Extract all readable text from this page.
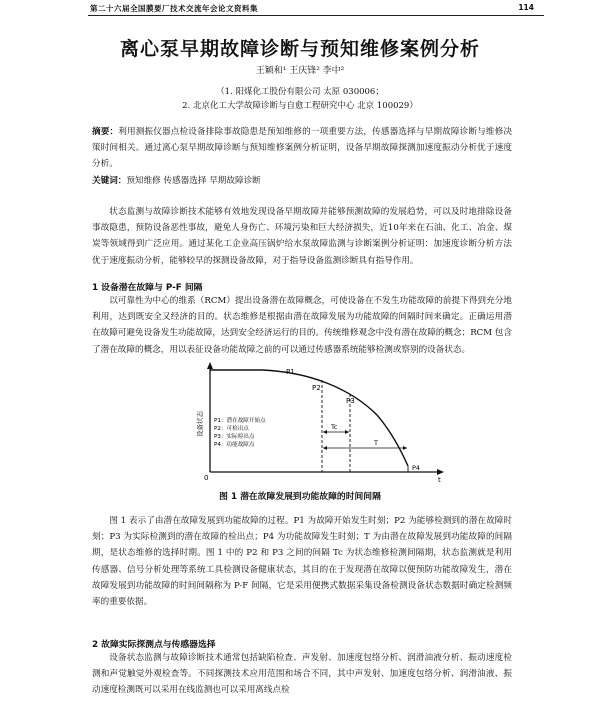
第二十六届全国膜要厂技术交流年会论文资料集	114
离心泵早期故障诊断与预知维修案例分析
王颖和¹ 王庆锋² 李中²
（1. 阳煤化工股份有限公司 太原 030006；
2. 北京化工大学故障诊断与自愈工程研究中心 北京 100029）

摘要：利用测振仪器点检设备排除事故隐患是预知维修的一项重要方法，传感器选择与早期故障诊断与维修决策时间相关。通过离心泵早期故障诊断与预知维修案例分析证明，设备早期故障探测加速度振动分析优于速度分析。

关键词：预知维修 传感器选择 早期故障诊断

状态监测与故障诊断技术能够有效地发现设备早期故障并能够预测故障的发展趋势，可以及时地排除设备事故隐患，预防设备恶性事故，避免人身伤亡、环境污染和巨大经济损失，近10年来在石油、化工、冶金、煤炭等领域得到广泛应用。通过某化工企业高压锅炉给水泵故障监测与诊断案例分析证明：加速度诊断分析方法优于速度振动分析，能够较早的探测设备故障，对于指导设备监测诊断具有指导作用。

1 设备潜在故障与 P-F 间隔

以可靠性为中心的维系（RCM）提出设备潜在故障概念，可使设备在不发生功能故障的前提下得到充分地利用，达到既安全又经济的目的。状态维修是根据由潜在故障发展为功能故障的间隔时间来确定。正确运用潜在故障可避免设备发生功能故障，达到安全经济运行的目的。传统维修观念中没有潜在故障的概念；RCM 包含了潜在故障的概念，用以表征设备功能故障之前的可以通过传感器系统能够检测或察别的设备状态。

设备状态
0	t
P1
P2
P3
P4
Tc
T
P1：潜在故障开始点
P2：可检出点
P3：实际检出点
P4：功能故障点
图 1 潜在故障发展到功能故障的时间间隔

图 1 表示了由潜在故障发展到功能故障的过程。P1 为故障开始发生时刻；P2 为能够检测到的潜在故障时刻；P3 为实际检测到的潜在故障的检出点；P4 为功能故障发生时刻；T 为由潜在故障发展到功能故障的间隔期，是状态维修的选择时期。图 1 中的 P2 和 P3 之间的间隔 Tc 为状态维修检测间隔期，状态监测就是利用传感器、信号分析处理等系统工具检测设备健康状态，其目的在于发现潜在故障以便预防功能故障发生，潜在故障发展到功能故障的时间间隔称为 P-F 间隔，它是采用便携式数据采集设备检测设备状态数据时确定检测频率的重要依据。

2 故障实际探测点与传感器选择

设备状态监测与故障诊断技术通常包括缺陷检查、声发射、加速度包络分析、润滑油液分析、振动速度检测和声觉触觉外观检查等。不同探测技术应用范围和场合不同，其中声发射、加速度包络分析、润滑油液、振动速度检测既可以采用在线监测也可以采用离线点检
